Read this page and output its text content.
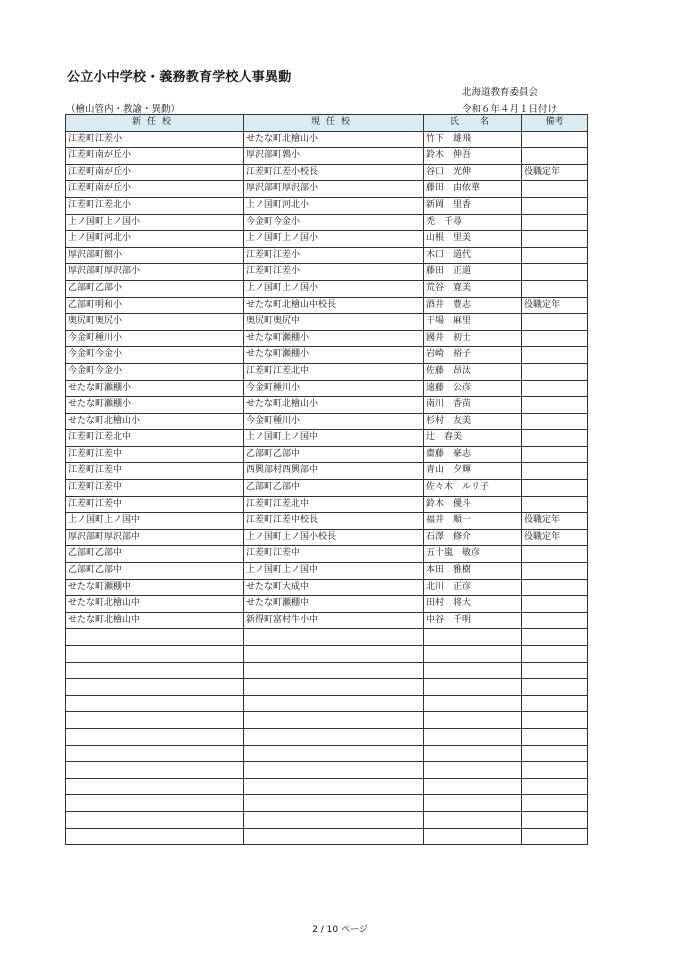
公立小中学校・義務教育学校人事異動
北海道教育委員会
（檜山管内・教諭・異動）	令和６年４月１日付け
新任校	現任校	氏　名	備考
江差町江差小	せたな町北檜山小	竹下　雄飛	
江差町南が丘小	厚沢部町鶉小	鈴木　伸吾	
江差町南が丘小	江差町江差小校長	谷口　光伸	役職定年
江差町南が丘小	厚沢部町厚沢部小	藤田　由依華	
江差町江差北小	上ノ国町河北小	新岡　里香	
上ノ国町上ノ国小	今金町今金小	禿　千尋	
上ノ国町河北小	上ノ国町上ノ国小	山根　里美	
厚沢部町館小	江差町江差小	木口　道代	
厚沢部町厚沢部小	江差町江差小	藤田　正道	
乙部町乙部小	上ノ国町上ノ国小	荒谷　寛美	
乙部町明和小	せたな町北檜山中校長	酒井　豊志	役職定年
奥尻町奥尻小	奥尻町奥尻中	干場　麻里	
今金町種川小	せたな町瀬棚小	國井　初士	
今金町今金小	せたな町瀬棚小	岩崎　裕子	
今金町今金小	江差町江差北中	佐藤　昂汰	
せたな町瀬棚小	今金町種川小	遠藤　公彦	
せたな町瀬棚小	せたな町北檜山小	南川　香苗	
せたな町北檜山小	今金町種川小	杉村　友美	
江差町江差北中	上ノ国町上ノ国中	辻　春美	
江差町江差中	乙部町乙部中	齋藤　豪志	
江差町江差中	西興部村西興部中	青山　夕輝	
江差町江差中	乙部町乙部中	佐々木　ルリ子	
江差町江差中	江差町江差北中	鈴木　優斗	
上ノ国町上ノ国中	江差町江差中校長	福井　順一	役職定年
厚沢部町厚沢部中	上ノ国町上ノ国小校長	石澤　修介	役職定年
乙部町乙部中	江差町江差中	五十嵐　敏彦	
乙部町乙部中	上ノ国町上ノ国中	本田　雅樹	
せたな町瀬棚中	せたな町大成中	北川　正彦	
せたな町北檜山中	せたな町瀬棚中	田村　将大	
せたな町北檜山中	新得町富村牛小中	中谷　千明	

2 / 10 ページ
